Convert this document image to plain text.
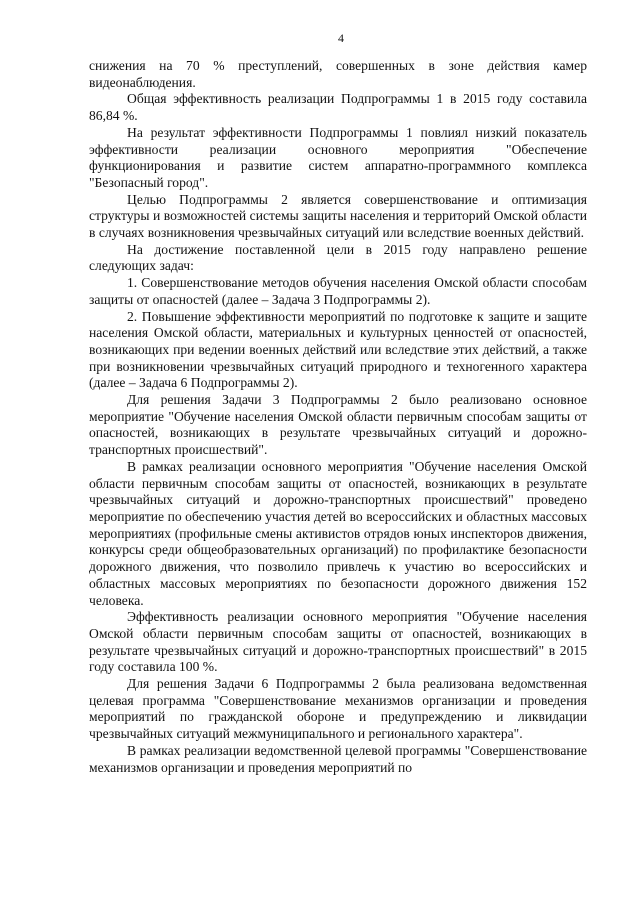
4

снижения на 70 % преступлений, совершенных в зоне действия камер видеонаблюдения.

Общая эффективность реализации Подпрограммы 1 в 2015 году составила 86,84 %.

На результат эффективности Подпрограммы 1 повлиял низкий показатель эффективности реализации основного мероприятия "Обеспечение функционирования и развитие систем аппаратно-программного комплекса "Безопасный город".

Целью Подпрограммы 2 является совершенствование и оптимизация структуры и возможностей системы защиты населения и территорий Омской области в случаях возникновения чрезвычайных ситуаций или вследствие военных действий.

На достижение поставленной цели в 2015 году направлено решение следующих задач:

1. Совершенствование методов обучения населения Омской области способам защиты от опасностей (далее – Задача 3 Подпрограммы 2).

2. Повышение эффективности мероприятий по подготовке к защите и защите населения Омской области, материальных и культурных ценностей от опасностей, возникающих при ведении военных действий или вследствие этих действий, а также при возникновении чрезвычайных ситуаций природного и техногенного характера (далее – Задача 6 Подпрограммы 2).

Для решения Задачи 3 Подпрограммы 2 было реализовано основное мероприятие "Обучение населения Омской области первичным способам защиты от опасностей, возникающих в результате чрезвычайных ситуаций и дорожно-транспортных происшествий".

В рамках реализации основного мероприятия "Обучение населения Омской области первичным способам защиты от опасностей, возникающих в результате чрезвычайных ситуаций и дорожно-транспортных происшествий" проведено мероприятие по обеспечению участия детей во всероссийских и областных массовых мероприятиях (профильные смены активистов отрядов юных инспекторов движения, конкурсы среди общеобразовательных организаций) по профилактике безопасности дорожного движения, что позволило привлечь к участию во всероссийских и областных массовых мероприятиях по безопасности дорожного движения 152 человека.

Эффективность реализации основного мероприятия "Обучение населения Омской области первичным способам защиты от опасностей, возникающих в результате чрезвычайных ситуаций и дорожно-транспортных происшествий" в 2015 году составила 100 %.

Для решения Задачи 6 Подпрограммы 2 была реализована ведомственная целевая программа "Совершенствование механизмов организации и проведения мероприятий по гражданской обороне и предупреждению и ликвидации чрезвычайных ситуаций межмуниципального и регионального характера".

В рамках реализации ведомственной целевой программы "Совершенствование механизмов организации и проведения мероприятий по
